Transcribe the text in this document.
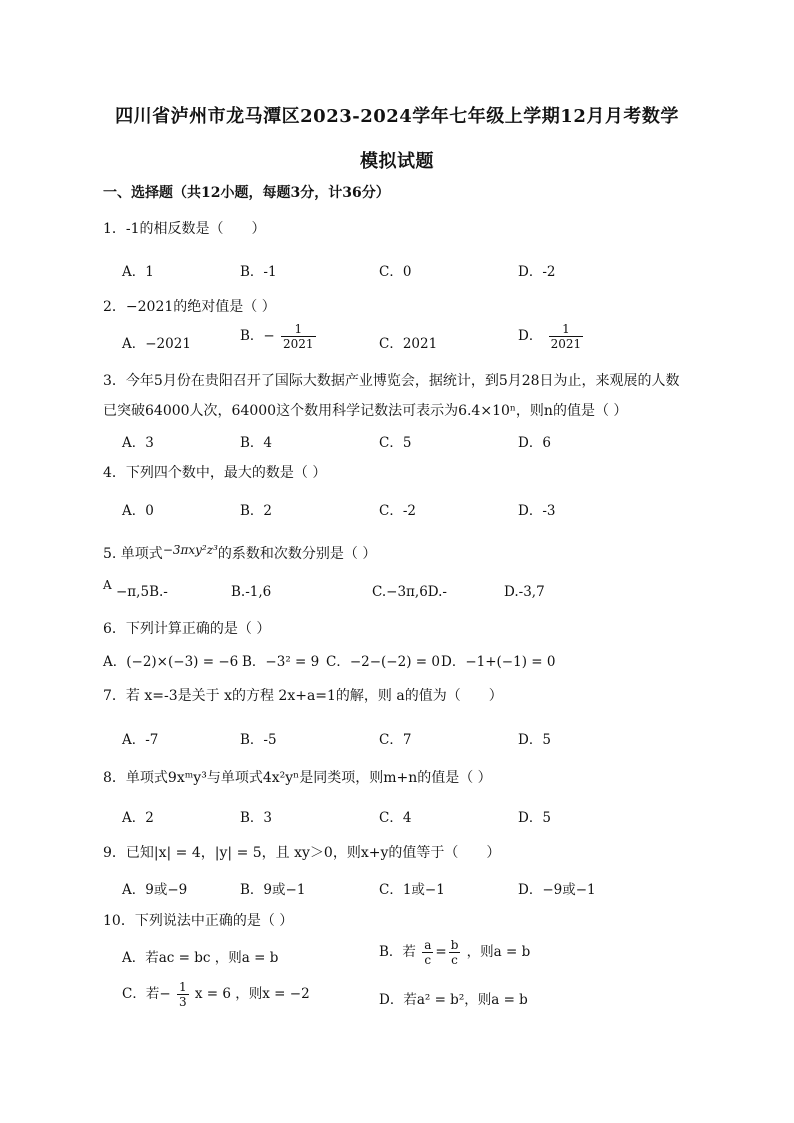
四川省泸州市龙马潭区2023-2024学年七年级上学期12月月考数学
模拟试题
一、选择题（共12小题，每题3分，计36分）
1．-1的相反数是（　　）
A．1	B．-1	C．0	D．-2
2．−2021的绝对值是（ ）
A．−2021	B．− $\frac{1}{2021}$	C．2021	D． $\frac{1}{2021}$
3．今年5月份在贵阳召开了国际大数据产业博览会，据统计，到5月28日为止，来观展的人数
已突破64000人次，64000这个数用科学记数法可表示为6.4×10ⁿ，则n的值是（ ）
A．3	B．4	C．5	D．6
4．下列四个数中，最大的数是（ ）
A．0	B．2	C．-2	D．-3
5. 单项式−3πxy²z³的系数和次数分别是（ ）
A −π,5B.-	B.-1,6	C.−3π,6D.-	D.-3,7
6．下列计算正确的是（ ）
A．(−2)×(−3) = −6 B．−3² = 9 C．−2−(−2) = 0 D．−1+(−1) = 0
7．若 x=-3是关于 x的方程 2x+a=1的解，则 a的值为（　　）
A．-7	B．-5	C．7	D．5
8．单项式9xᵐy³与单项式4x²yⁿ是同类项，则m+n的值是（ ）
A．2	B．3	C．4	D．5
9．已知|x| = 4，|y| = 5，且 xy＞0，则x+y的值等于（　　）
A．9或−9	B．9或−1	C．1或−1	D．−9或−1
10．下列说法中正确的是（ ）
A．若ac = bc ，则a = b	B．若 $\frac{a}{c} = \frac{b}{c}$ ，则a = b
C．若− $\frac{1}{3}$ x = 6 ，则x = −2	D．若a² = b²，则a = b
